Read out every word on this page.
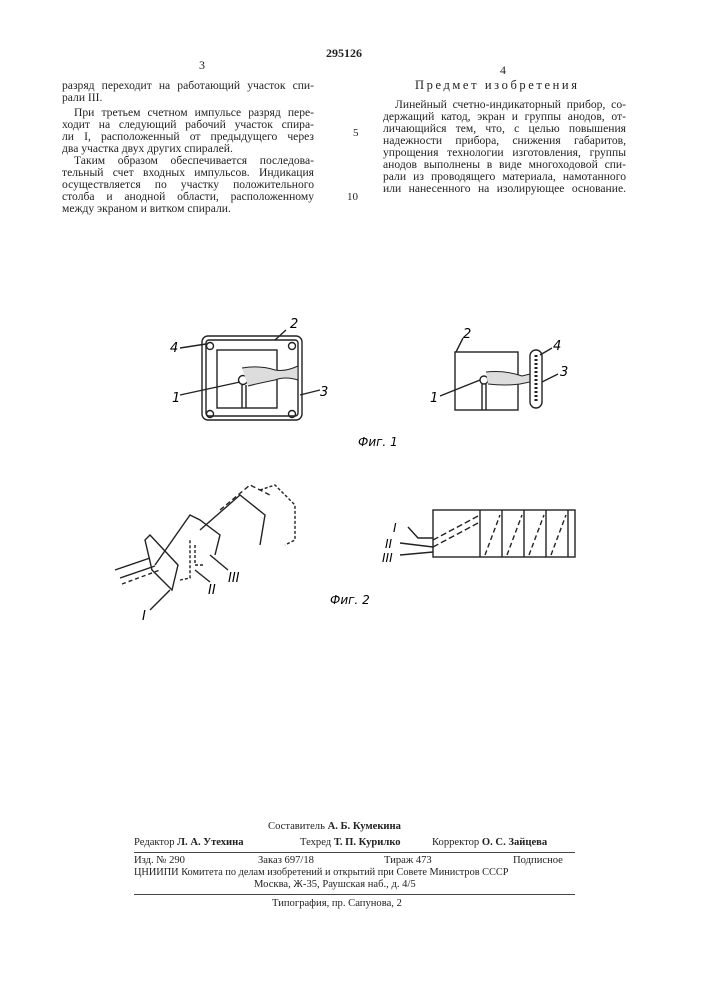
295126
3	4
разряд переходит на работающий участок спи-
рали III.
При третьем счетном импульсе разряд пере-
ходит на следующий рабочий участок спира-
ли I, расположенный от предыдущего через
два участка двух других спиралей.
Таким образом обеспечивается последова-
тельный счет входных импульсов. Индикация
осуществляется по участку положительного
столба и анодной области, расположенному
между экраном и витком спирали.
5
10
Предмет изобретения
Линейный счетно-индикаторный прибор, со-
держащий катод, экран и группы анодов, от-
личающийся тем, что, с целью повышения
надежности прибора, снижения габаритов,
упрощения технологии изготовления, группы
анодов выполнены в виде многоходовой спи-
рали из проводящего материала, намотанного
или нанесенного на изолирующее основание.
4
2
1	3
2
1
4
3
Фиг. 1
I
II
III
I
II
III
Фиг. 2
Составитель А. Б. Кумекина
Редактор Л. А. Утехина	Техред Т. П. Курилко	Корректор О. С. Зайцева
Изд. № 290	Заказ 697/18	Тираж 473	Подписное
ЦНИИПИ Комитета по делам изобретений и открытий при Совете Министров СССР
Москва, Ж-35, Раушская наб., д. 4/5
Типография, пр. Сапунова, 2
